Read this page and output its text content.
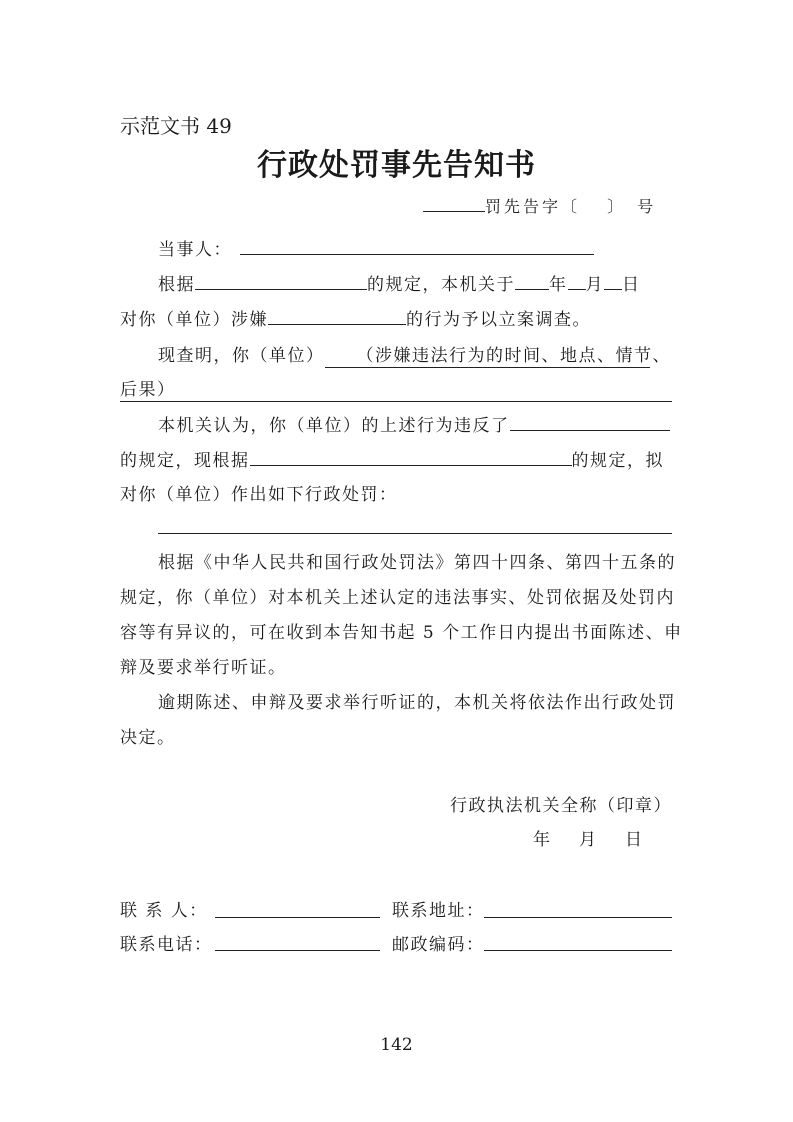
示范文书 49
行政处罚事先告知书
罚先告字〔　 〕　号
当事人：
根据	的规定，本机关于 年 月 日
对你（单位）涉嫌	的行为予以立案调查。
现查明，你（单位） （涉嫌违法行为的时间、地点、情节、
后果）
本机关认为，你（单位）的上述行为违反了
的规定，现根据	的规定，拟
对你（单位）作出如下行政处罚：
根据《中华人民共和国行政处罚法》第四十四条、第四十五条的
规定，你（单位）对本机关上述认定的违法事实、处罚依据及处罚内
容等有异议的，可在收到本告知书起 5 个工作日内提出书面陈述、申
辩及要求举行听证。
逾期陈述、申辩及要求举行听证的，本机关将依法作出行政处罚
决定。
行政执法机关全称（印章）
年　月　日
联 系 人：	联系地址：
联系电话：	邮政编码：
142
